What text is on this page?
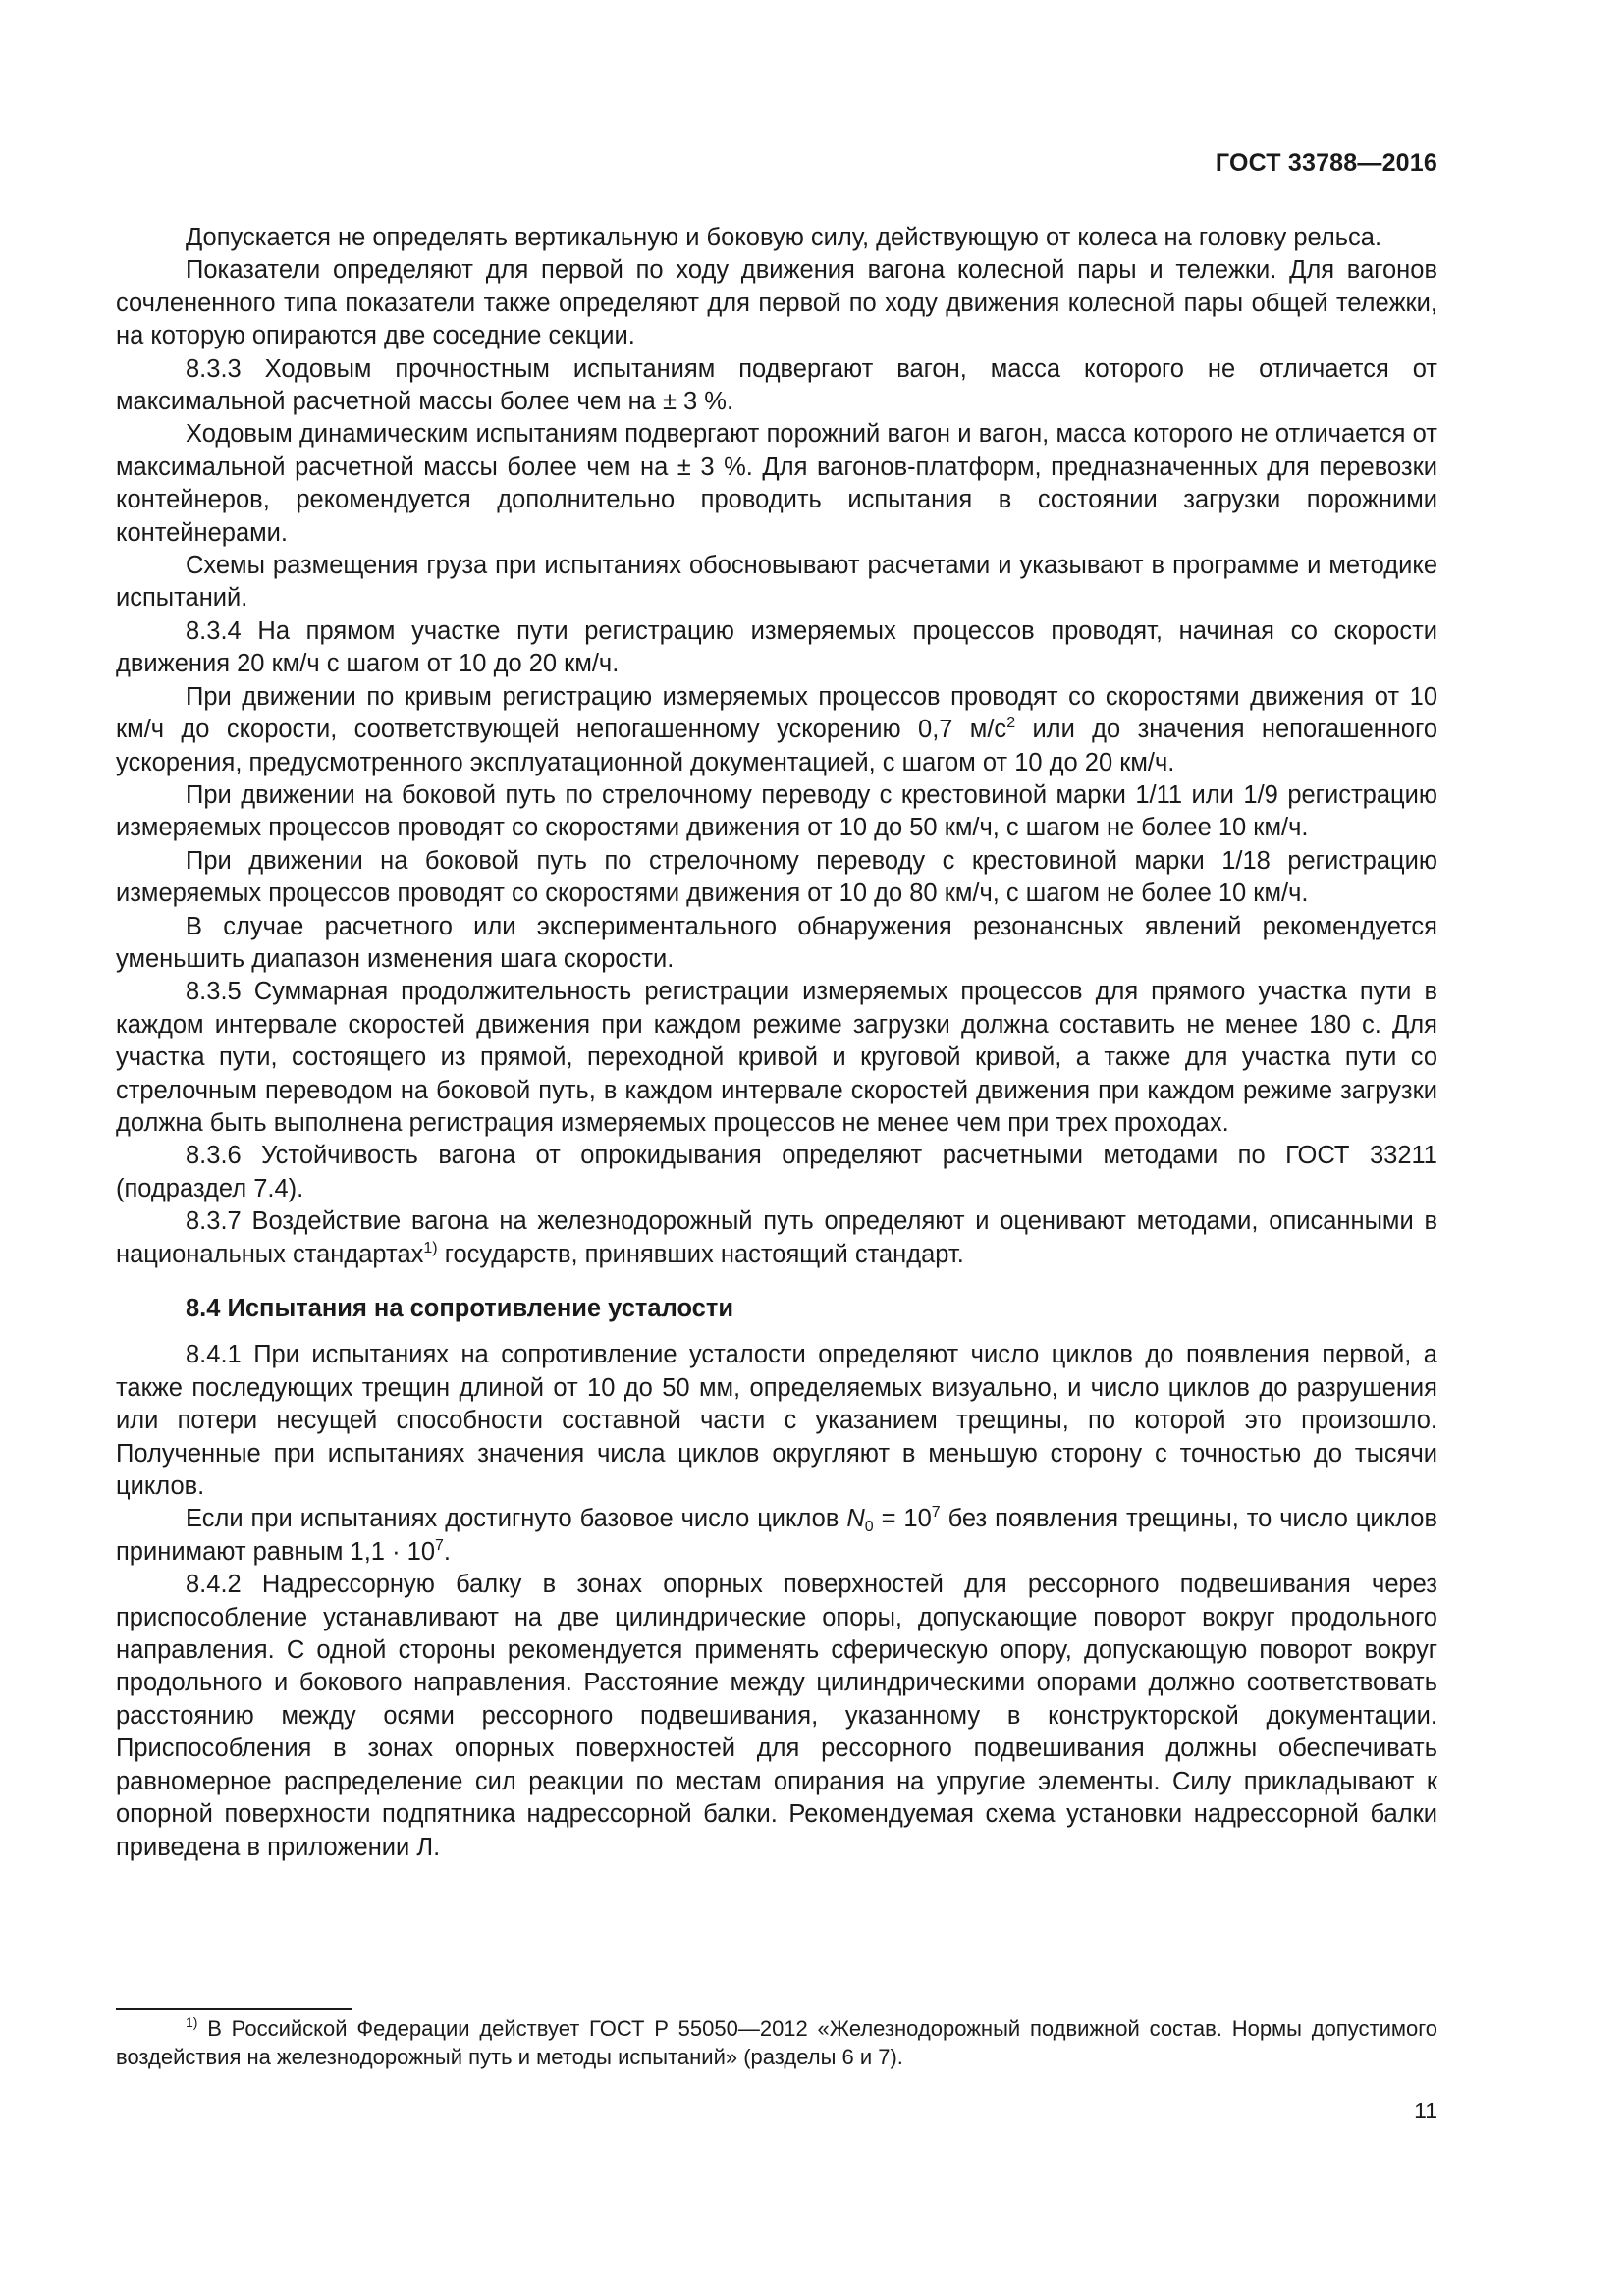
ГОСТ 33788—2016

Допускается не определять вертикальную и боковую силу, действующую от колеса на головку рельса.

Показатели определяют для первой по ходу движения вагона колесной пары и тележки. Для вагонов сочлененного типа показатели также определяют для первой по ходу движения колесной пары общей тележки, на которую опираются две соседние секции.

8.3.3 Ходовым прочностным испытаниям подвергают вагон, масса которого не отличается от максимальной расчетной массы более чем на ± 3 %.

Ходовым динамическим испытаниям подвергают порожний вагон и вагон, масса которого не отличается от максимальной расчетной массы более чем на ± 3 %. Для вагонов-платформ, предназначенных для перевозки контейнеров, рекомендуется дополнительно проводить испытания в состоянии загрузки порожними контейнерами.

Схемы размещения груза при испытаниях обосновывают расчетами и указывают в программе и методике испытаний.

8.3.4 На прямом участке пути регистрацию измеряемых процессов проводят, начиная со скорости движения 20 км/ч с шагом от 10 до 20 км/ч.

При движении по кривым регистрацию измеряемых процессов проводят со скоростями движения от 10 км/ч до скорости, соответствующей непогашенному ускорению 0,7 $м/с^2$ или до значения непогашенного ускорения, предусмотренного эксплуатационной документацией, с шагом от 10 до 20 км/ч.

При движении на боковой путь по стрелочному переводу с крестовиной марки 1/11 или 1/9 регистрацию измеряемых процессов проводят со скоростями движения от 10 до 50 км/ч, с шагом не более 10 км/ч.

При движении на боковой путь по стрелочному переводу с крестовиной марки 1/18 регистрацию измеряемых процессов проводят со скоростями движения от 10 до 80 км/ч, с шагом не более 10 км/ч.

В случае расчетного или экспериментального обнаружения резонансных явлений рекомендуется уменьшить диапазон изменения шага скорости.

8.3.5 Суммарная продолжительность регистрации измеряемых процессов для прямого участка пути в каждом интервале скоростей движения при каждом режиме загрузки должна составить не менее 180 с. Для участка пути, состоящего из прямой, переходной кривой и круговой кривой, а также для участка пути со стрелочным переводом на боковой путь, в каждом интервале скоростей движения при каждом режиме загрузки должна быть выполнена регистрация измеряемых процессов не менее чем при трех проходах.

8.3.6 Устойчивость вагона от опрокидывания определяют расчетными методами по ГОСТ 33211 (подраздел 7.4).

8.3.7 Воздействие вагона на железнодорожный путь определяют и оценивают методами, описанными в национальных стандартах$^{1)}$ государств, принявших настоящий стандарт.

8.4 Испытания на сопротивление усталости

8.4.1 При испытаниях на сопротивление усталости определяют число циклов до появления первой, а также последующих трещин длиной от 10 до 50 мм, определяемых визуально, и число циклов до разрушения или потери несущей способности составной части с указанием трещины, по которой это произошло. Полученные при испытаниях значения числа циклов округляют в меньшую сторону с точностью до тысячи циклов.

Если при испытаниях достигнуто базовое число циклов $N_0 = 10^7$ без появления трещины, то число циклов принимают равным $1,1 \cdot 10^7$.

8.4.2 Надрессорную балку в зонах опорных поверхностей для рессорного подвешивания через приспособление устанавливают на две цилиндрические опоры, допускающие поворот вокруг продольного направления. С одной стороны рекомендуется применять сферическую опору, допускающую поворот вокруг продольного и бокового направления. Расстояние между цилиндрическими опорами должно соответствовать расстоянию между осями рессорного подвешивания, указанному в конструкторской документации. Приспособления в зонах опорных поверхностей для рессорного подвешивания должны обеспечивать равномерное распределение сил реакции по местам опирания на упругие элементы. Силу прикладывают к опорной поверхности подпятника надрессорной балки. Рекомендуемая схема установки надрессорной балки приведена в приложении Л.

$^{1)}$ В Российской Федерации действует ГОСТ Р 55050—2012 «Железнодорожный подвижной состав. Нормы допустимого воздействия на железнодорожный путь и методы испытаний» (разделы 6 и 7).

11
